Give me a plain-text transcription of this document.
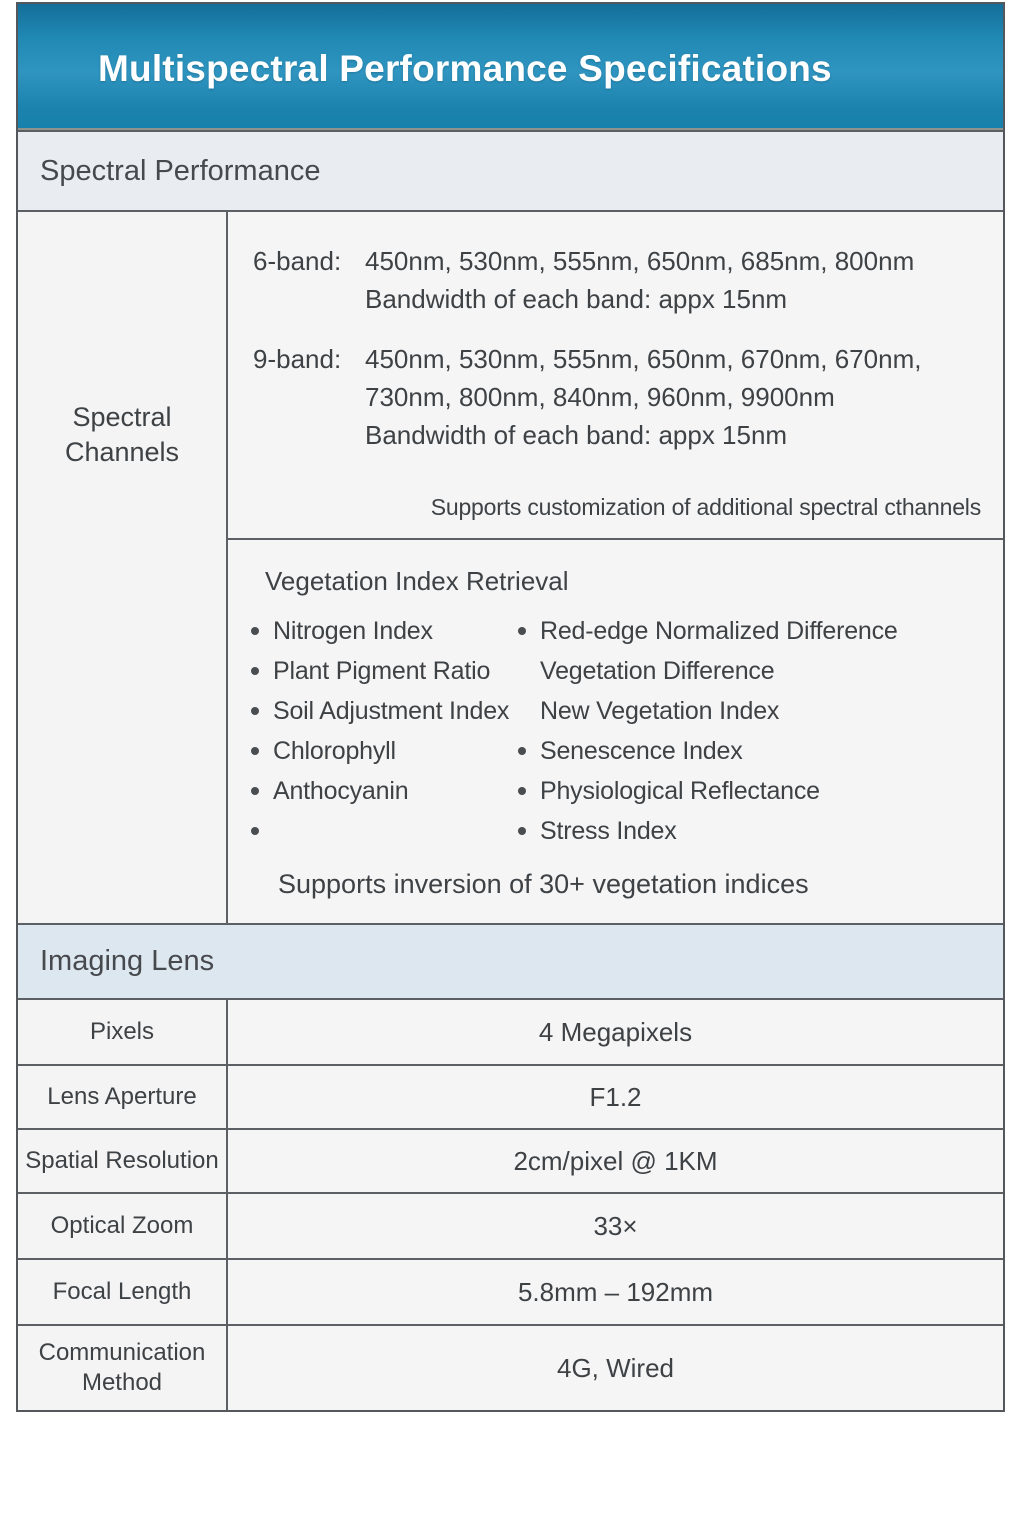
Multispectral Performance Specifications
Spectral Performance
Spectral Channels
6-band: 450nm, 530nm, 555nm, 650nm, 685nm, 800nm
Bandwidth of each band: appx 15nm
9-band: 450nm, 530nm, 555nm, 650nm, 670nm, 670nm,
730nm, 800nm, 840nm, 960nm, 9900nm
Bandwidth of each band: appx 15nm
Supports customization of additional spectral cthannels
Vegetation Index Retrieval
Nitrogen Index
Plant Pigment Ratio
Soil Adjustment Index
Chlorophyll
Anthocyanin
Red-edge Normalized Difference
Vegetation Difference
New Vegetation Index
Senescence Index
Physiological Reflectance
Stress Index
Supports inversion of 30+ vegetation indices
Imaging Lens
Pixels	4 Megapixels
Lens Aperture	F1.2
Spatial Resolution	2cm/pixel @ 1KM
Optical Zoom	33×
Focal Length	5.8mm – 192mm
Communication Method	4G, Wired
